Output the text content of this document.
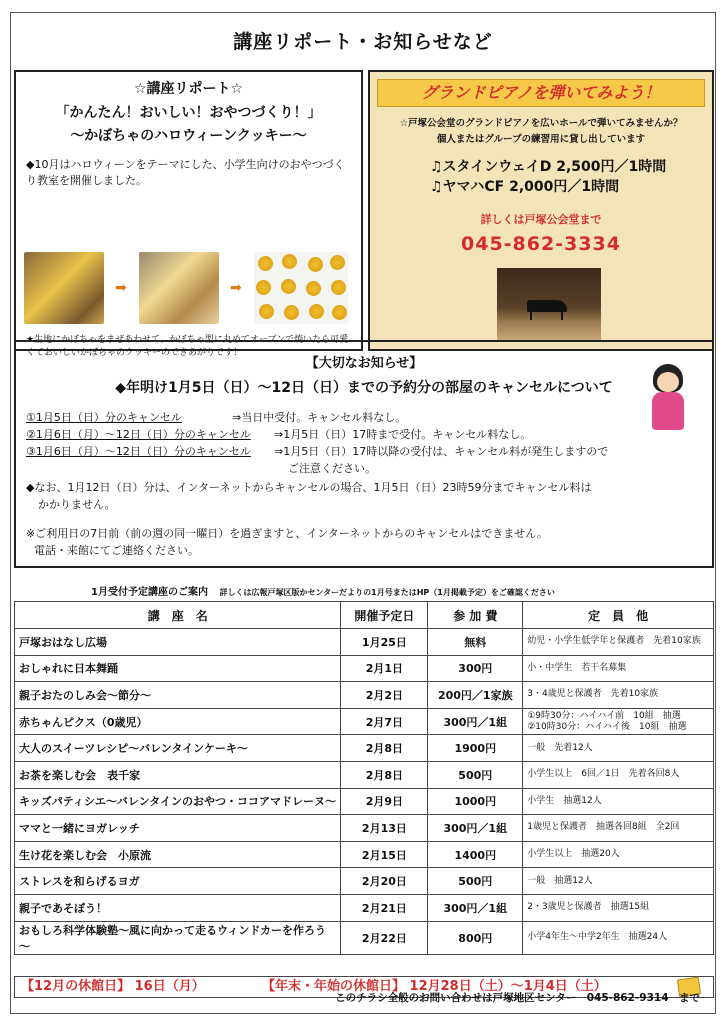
講座リポート・お知らせなど
☆講座リポート☆
「かんたん！おいしい！おやつづくり！」
～かぼちゃのハロウィーンクッキー～
◆10月はハロウィーンをテーマにした、小学生向けのおやつづくり教室を開催しました。
➡	➡
★生地にかぼちゃをまぜあわせて、かぼちゃ型に丸めてオーブンで焼いたら可愛くておいしいかぼちゃのクッキーのできあがりです！
グランドピアノを弾いてみよう！
☆戸塚公会堂のグランドピアノを広いホールで弾いてみませんか？
個人またはグループの練習用に貸し出しています
♫スタインウェイD 2,500円／1時間
♫ヤマハCF 2,000円／1時間
詳しくは戸塚公会堂まで
045-862-3334
【大切なお知らせ】
◆年明け1月5日（日）～12日（日）までの予約分の部屋のキャンセルについて
①1月5日（日）分のキャンセル	⇒当日中受付。キャンセル料なし。
②1月6日（月）～12日（日）分のキャンセル	⇒1月5日（日）17時まで受付。キャンセル料なし。
③1月6日（月）～12日（日）分のキャンセル	⇒1月5日（日）17時以降の受付は、キャンセル料が発生しますので
ご注意ください。
◆なお、1月12日（日）分は、インターネットからキャンセルの場合、1月5日（日）23時59分までキャンセル料は
かかりません。
※ご利用日の7日前（前の週の同一曜日）を過ぎますと、インターネットからのキャンセルはできません。
電話・来館にてご連絡ください。
1月受付予定講座のご案内 詳しくは広報戸塚区版かセンターだよりの1月号またはHP（1月掲載予定）をご確認ください
講　座　名	開催予定日	参 加 費	定　員　他
戸塚おはなし広場	1月25日	無料	幼児・小学生低学年と保護者　先着10家族
おしゃれに日本舞踊	2月1日	300円	小・中学生　若干名募集
親子おたのしみ会～節分～	2月2日	200円／1家族	3・4歳児と保護者　先着10家族
赤ちゃんピクス（0歳児）	2月7日	300円／1組	①9時30分：ハイハイ前　10組　抽選
②10時30分：ハイハイ後　10組　抽選
大人のスイーツレシピ～バレンタインケーキ～	2月8日	1900円	一般　先着12人
お茶を楽しむ会　表千家	2月8日	500円	小学生以上　6回／1日　先着各回8人
キッズパティシエ～バレンタインのおやつ・ココアマドレーヌ～	2月9日	1000円	小学生　抽選12人
ママと一緒にヨガレッチ	2月13日	300円／1組	1歳児と保護者　抽選各回8組　全2回
生け花を楽しむ会　小原流	2月15日	1400円	小学生以上　抽選20人
ストレスを和らげるヨガ	2月20日	500円	一般　抽選12人
親子であそぼう！	2月21日	300円／1組	2・3歳児と保護者　抽選15組
おもしろ科学体験塾～風に向かって走るウィンドカーを作ろう～	2月22日	800円	小学4年生～中学2年生　抽選24人
【12月の休館日】 16日（月）	【年末・年始の休館日】 12月28日（土）～1月4日（土）
このチラシ全般のお問い合わせは戸塚地区センター　045-862-9314　まで
